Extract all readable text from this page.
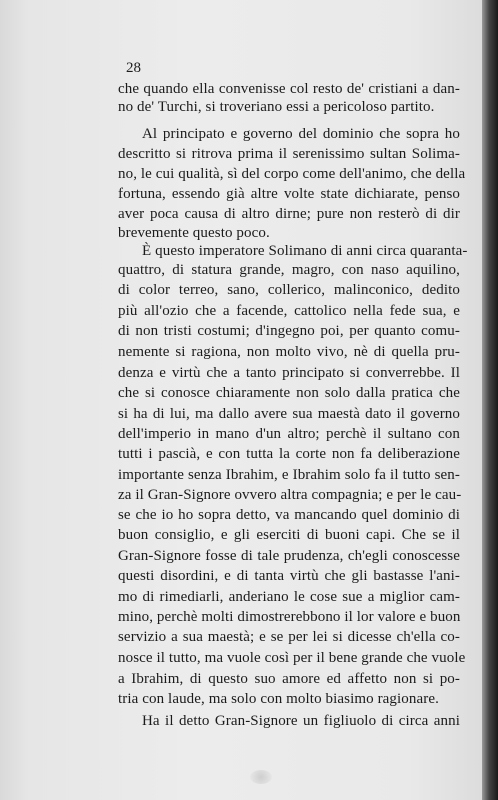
28
che quando ella convenisse col resto de' cristiani a dan-
no de' Turchi, si troveriano essi a pericoloso partito.
Al principato e governo del dominio che sopra ho
descritto si ritrova prima il serenissimo sultan Solima-
no, le cui qualità, sì del corpo come dell'animo, che della
fortuna, essendo già altre volte state dichiarate, penso
aver poca causa di altro dirne; pure non resterò di dir
brevemente questo poco.
È questo imperatore Solimano di anni circa quaranta-
quattro, di statura grande, magro, con naso aquilino,
di color terreo, sano, collerico, malinconico, dedito
più all'ozio che a facende, cattolico nella fede sua, e
di non tristi costumi; d'ingegno poi, per quanto comu-
nemente si ragiona, non molto vivo, nè di quella pru-
denza e virtù che a tanto principato si converrebbe. Il
che si conosce chiaramente non solo dalla pratica che
si ha di lui, ma dallo avere sua maestà dato il governo
dell'imperio in mano d'un altro; perchè il sultano con
tutti i pascià, e con tutta la corte non fa deliberazione
importante senza Ibrahim, e Ibrahim solo fa il tutto sen-
za il Gran-Signore ovvero altra compagnia; e per le cau-
se che io ho sopra detto, va mancando quel dominio di
buon consiglio, e gli eserciti di buoni capi. Che se il
Gran-Signore fosse di tale prudenza, ch'egli conoscesse
questi disordini, e di tanta virtù che gli bastasse l'ani-
mo di rimediarli, anderiano le cose sue a miglior cam-
mino, perchè molti dimostrerebbono il lor valore e buon
servizio a sua maestà; e se per lei si dicesse ch'ella co-
nosce il tutto, ma vuole così per il bene grande che vuole
a Ibrahim, di questo suo amore ed affetto non si po-
tria con laude, ma solo con molto biasimo ragionare.
Ha il detto Gran-Signore un figliuolo di circa anni
